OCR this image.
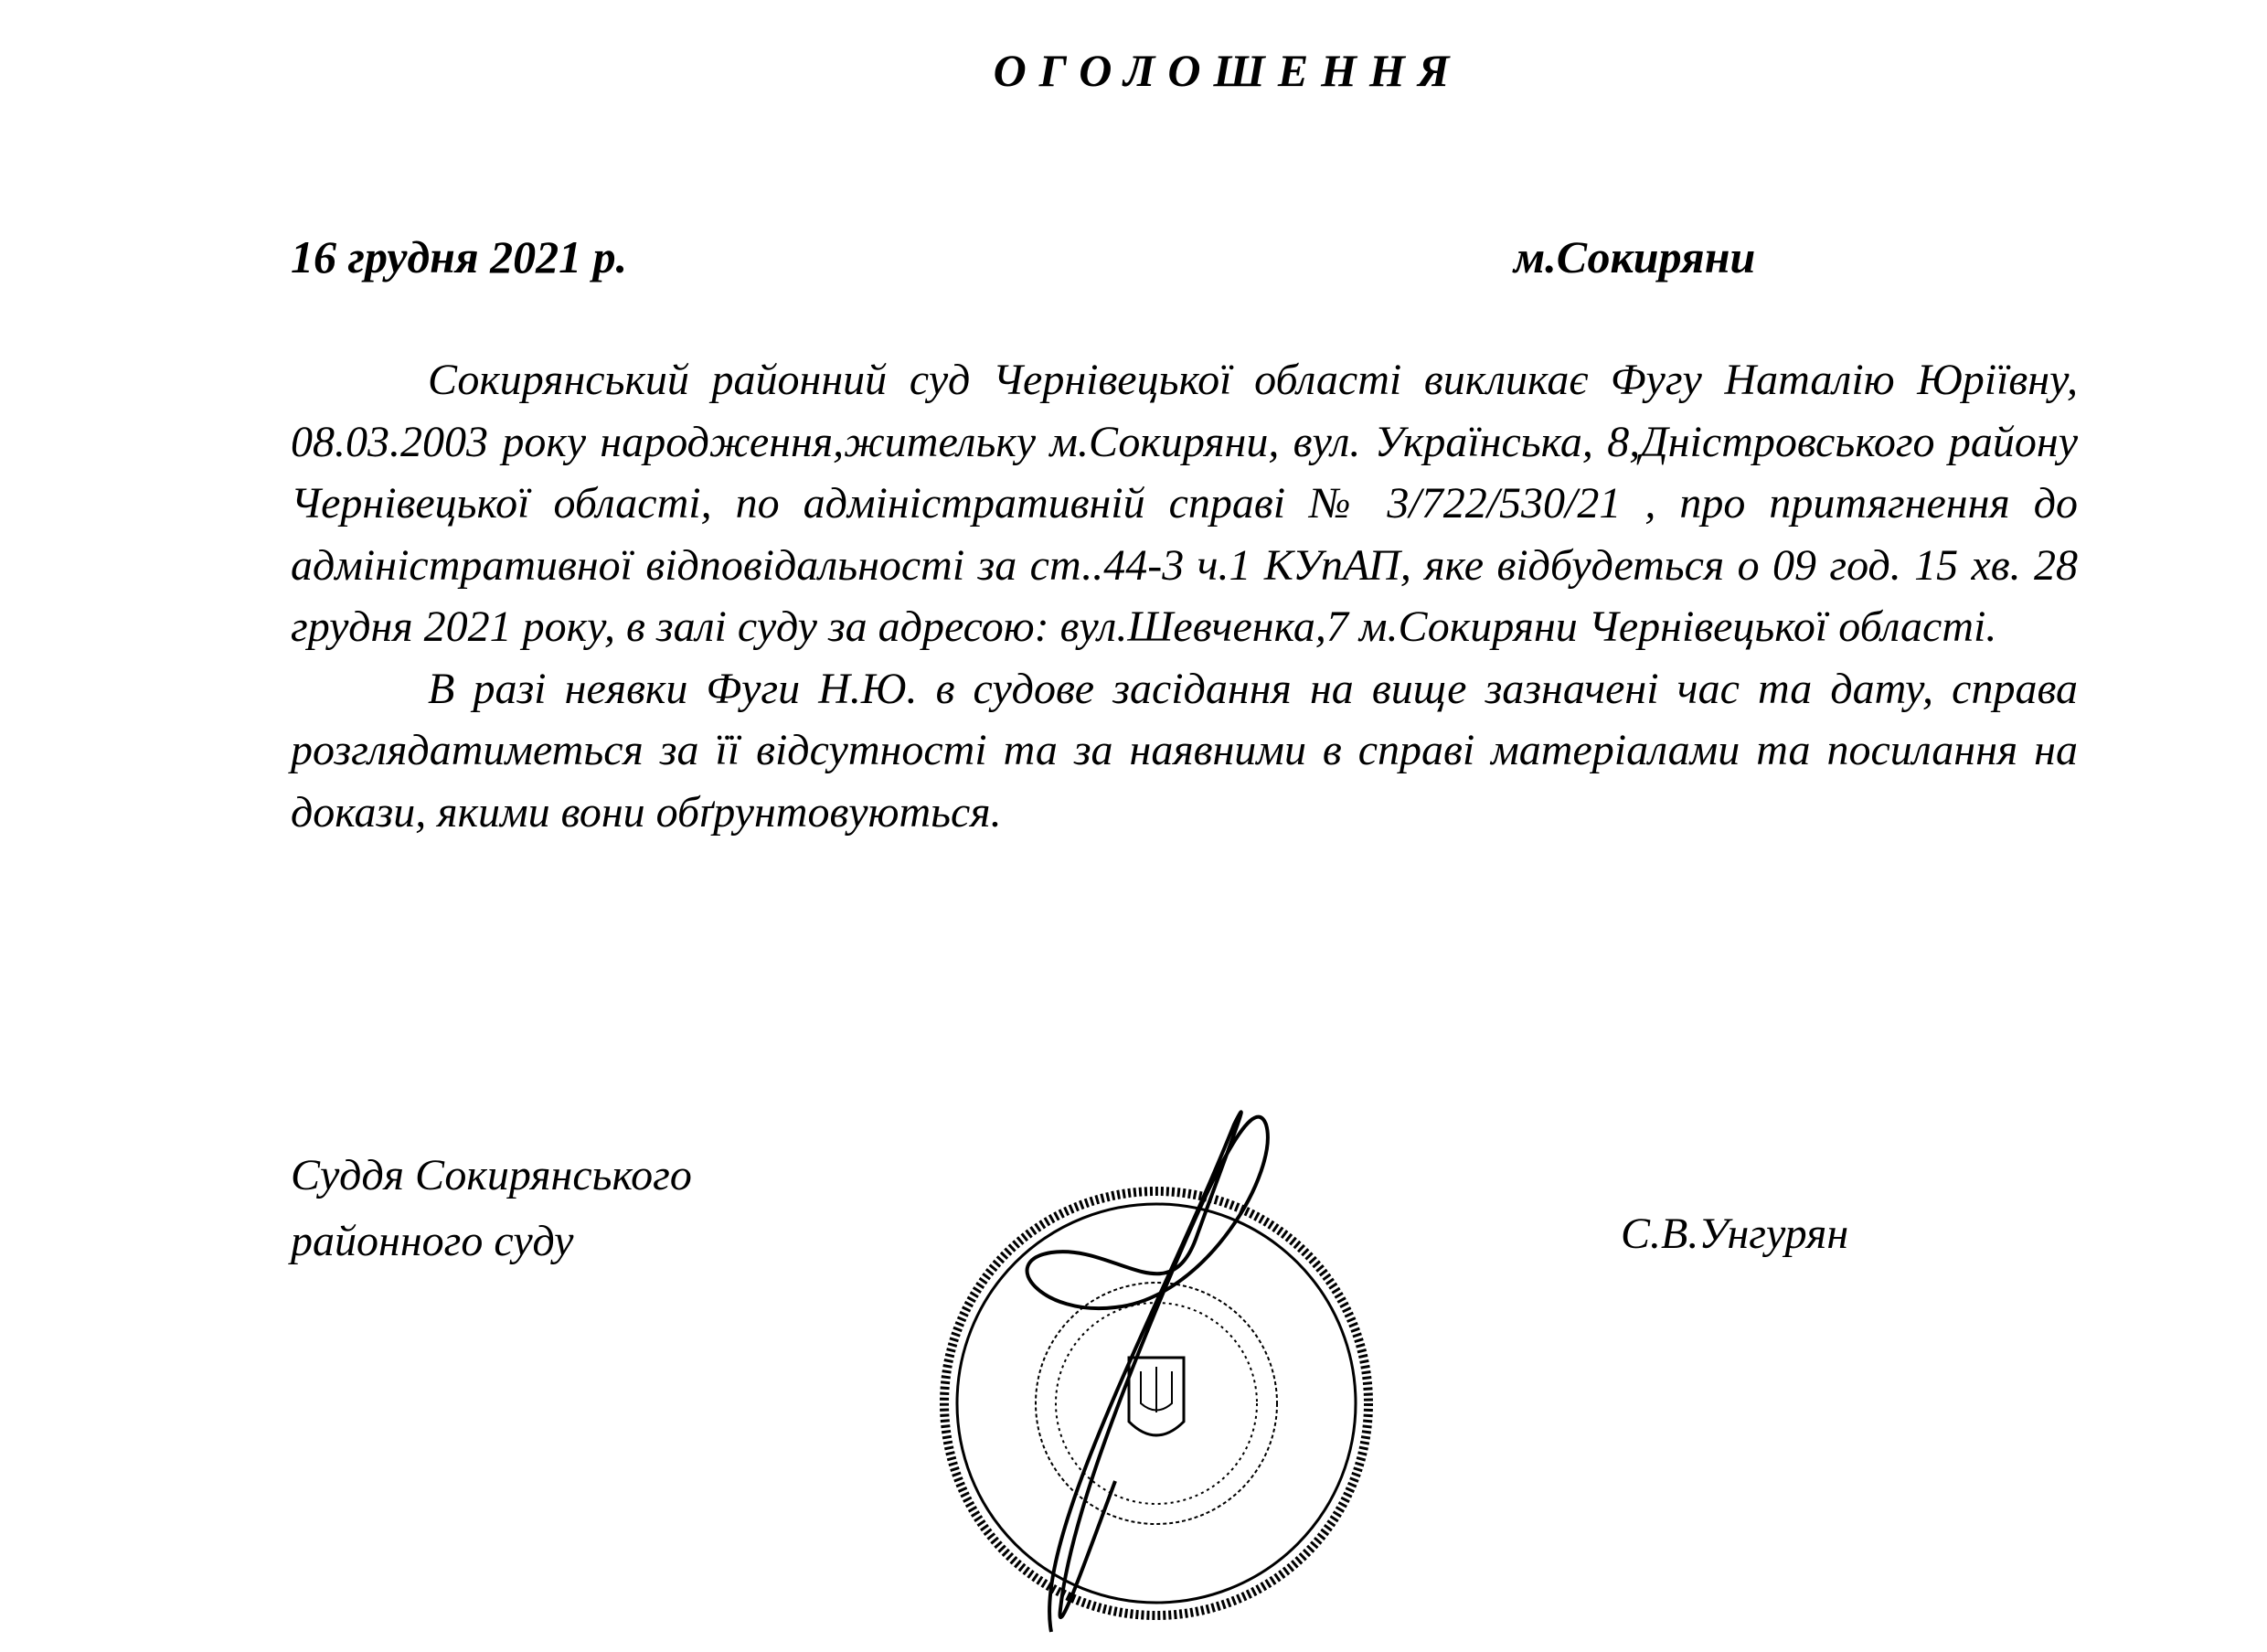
ОГОЛОШЕННЯ
16 грудня 2021 р.	м.Сокиряни

Сокирянський районний суд Чернівецької області викликає Фугу Наталію Юріївну, 08.03.2003 року народження,жительку м.Сокиряни, вул. Українська, 8,Дністровського району Чернівецької області, по адміністративній справі № 3/722/530/21 , про притягнення до адміністративної відповідальності за ст..44-3 ч.1 КУпАП, яке відбудеться о 09 год. 15 хв. 28 грудня 2021 року, в залі суду за адресою: вул.Шевченка,7 м.Сокиряни Чернівецької області.

В разі неявки Фуги Н.Ю. в судове засідання на вище зазначені час та дату, справа розглядатиметься за її відсутності та за наявними в справі матеріалами та посилання на докази, якими вони обґрунтовуються.

Суддя Сокирянського
районного суду	С.В.Унгурян
